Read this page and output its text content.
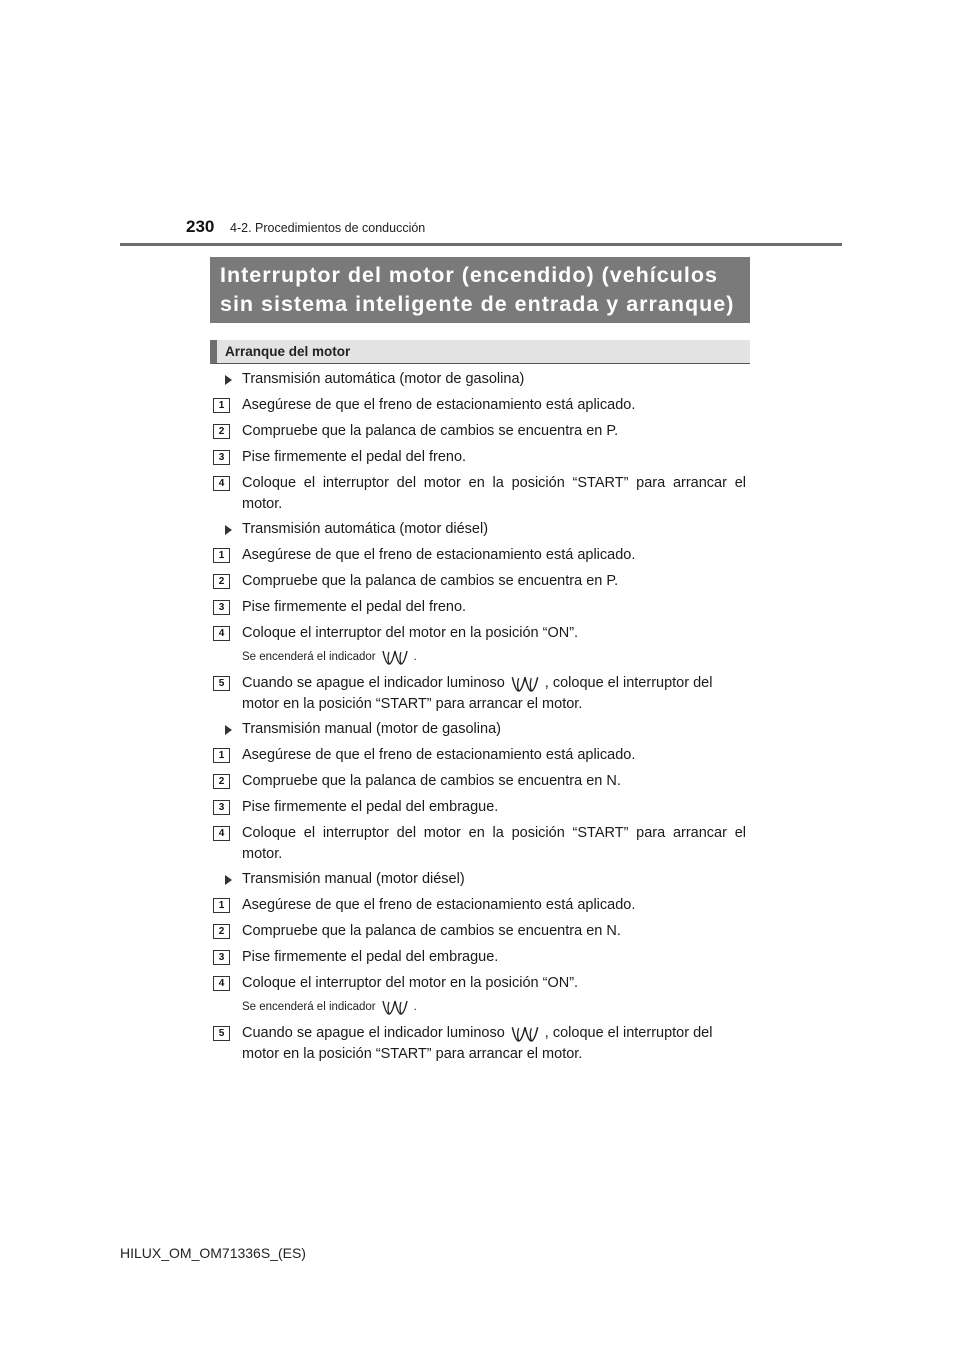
230 4-2. Procedimientos de conducción
Interruptor del motor (encendido) (vehículos
sin sistema inteligente de entrada y arranque)
Arranque del motor
Transmisión automática (motor de gasolina)
1	Asegúrese de que el freno de estacionamiento está aplicado.
2	Compruebe que la palanca de cambios se encuentra en P.
3	Pise firmemente el pedal del freno.
4	Coloque el interruptor del motor en la posición “START” para arrancar el motor.
Transmisión automática (motor diésel)
1	Asegúrese de que el freno de estacionamiento está aplicado.
2	Compruebe que la palanca de cambios se encuentra en P.
3	Pise firmemente el pedal del freno.
4	Coloque el interruptor del motor en la posición “ON”.
Se encenderá el indicador	.
5	Cuando se apague el indicador luminoso	, coloque el interruptor del
motor en la posición “START” para arrancar el motor.
Transmisión manual (motor de gasolina)
1	Asegúrese de que el freno de estacionamiento está aplicado.
2	Compruebe que la palanca de cambios se encuentra en N.
3	Pise firmemente el pedal del embrague.
4	Coloque el interruptor del motor en la posición “START” para arrancar el motor.
Transmisión manual (motor diésel)
1	Asegúrese de que el freno de estacionamiento está aplicado.
2	Compruebe que la palanca de cambios se encuentra en N.
3	Pise firmemente el pedal del embrague.
4	Coloque el interruptor del motor en la posición “ON”.
Se encenderá el indicador	.
5	Cuando se apague el indicador luminoso	, coloque el interruptor del
motor en la posición “START” para arrancar el motor.
HILUX_OM_OM71336S_(ES)
